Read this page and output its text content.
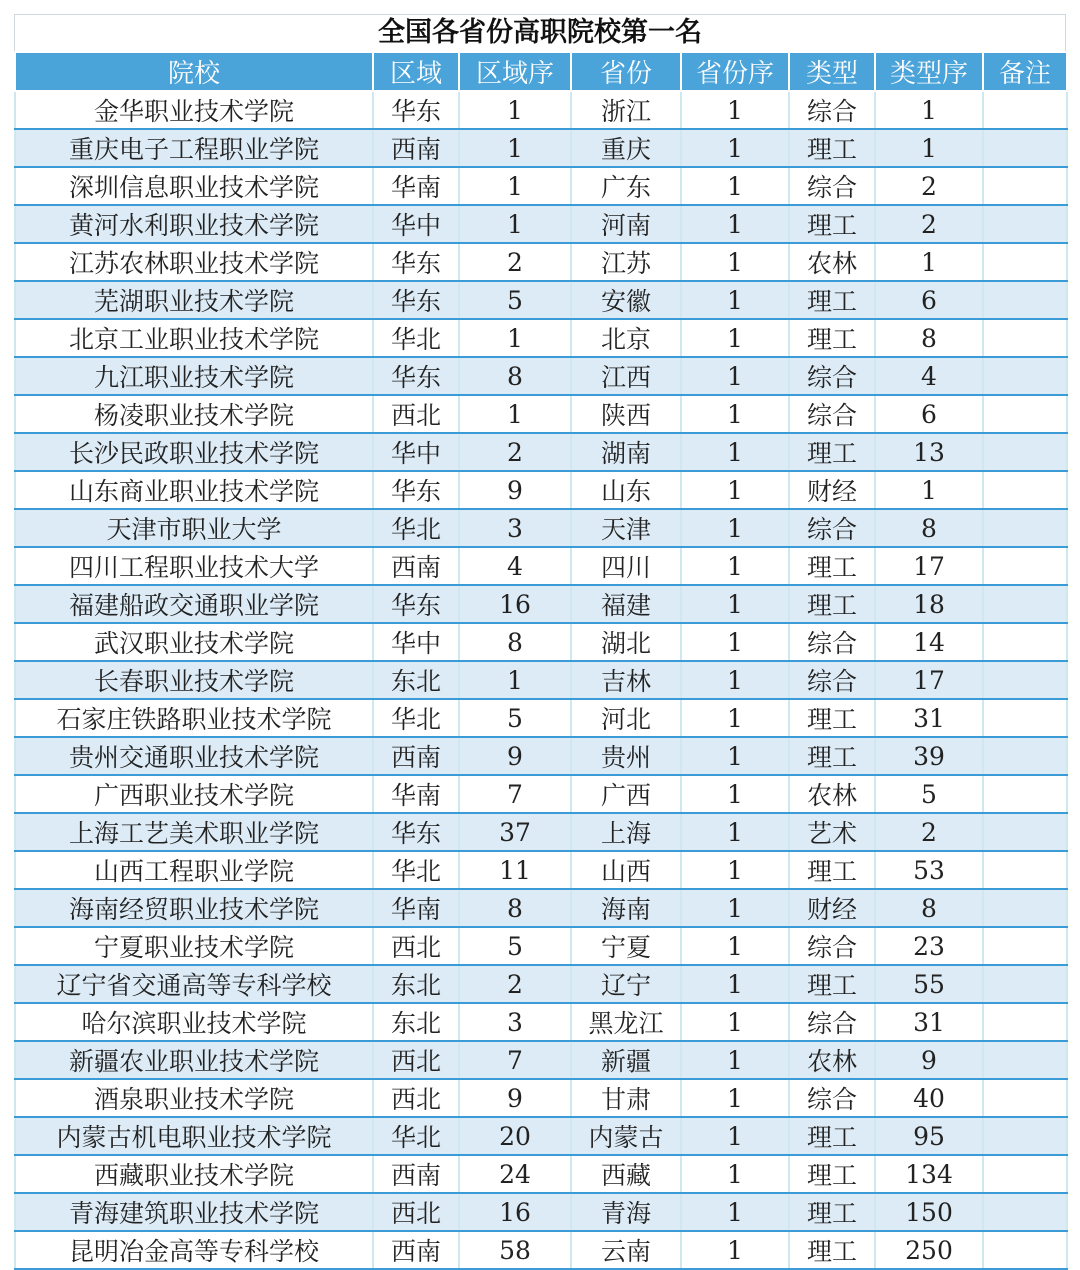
全国各省份高职院校第一名
院校	区域	区域序	省份	省份序	类型	类型序	备注
金华职业技术学院	华东	1	浙江	1	综合	1	
重庆电子工程职业学院	西南	1	重庆	1	理工	1	
深圳信息职业技术学院	华南	1	广东	1	综合	2	
黄河水利职业技术学院	华中	1	河南	1	理工	2	
江苏农林职业技术学院	华东	2	江苏	1	农林	1	
芜湖职业技术学院	华东	5	安徽	1	理工	6	
北京工业职业技术学院	华北	1	北京	1	理工	8	
九江职业技术学院	华东	8	江西	1	综合	4	
杨凌职业技术学院	西北	1	陕西	1	综合	6	
长沙民政职业技术学院	华中	2	湖南	1	理工	13	
山东商业职业技术学院	华东	9	山东	1	财经	1	
天津市职业大学	华北	3	天津	1	综合	8	
四川工程职业技术大学	西南	4	四川	1	理工	17	
福建船政交通职业学院	华东	16	福建	1	理工	18	
武汉职业技术学院	华中	8	湖北	1	综合	14	
长春职业技术学院	东北	1	吉林	1	综合	17	
石家庄铁路职业技术学院	华北	5	河北	1	理工	31	
贵州交通职业技术学院	西南	9	贵州	1	理工	39	
广西职业技术学院	华南	7	广西	1	农林	5	
上海工艺美术职业学院	华东	37	上海	1	艺术	2	
山西工程职业学院	华北	11	山西	1	理工	53	
海南经贸职业技术学院	华南	8	海南	1	财经	8	
宁夏职业技术学院	西北	5	宁夏	1	综合	23	
辽宁省交通高等专科学校	东北	2	辽宁	1	理工	55	
哈尔滨职业技术学院	东北	3	黑龙江	1	综合	31	
新疆农业职业技术学院	西北	7	新疆	1	农林	9	
酒泉职业技术学院	西北	9	甘肃	1	综合	40	
内蒙古机电职业技术学院	华北	20	内蒙古	1	理工	95	
西藏职业技术学院	西南	24	西藏	1	理工	134	
青海建筑职业技术学院	西北	16	青海	1	理工	150	
昆明冶金高等专科学校	西南	58	云南	1	理工	250	
